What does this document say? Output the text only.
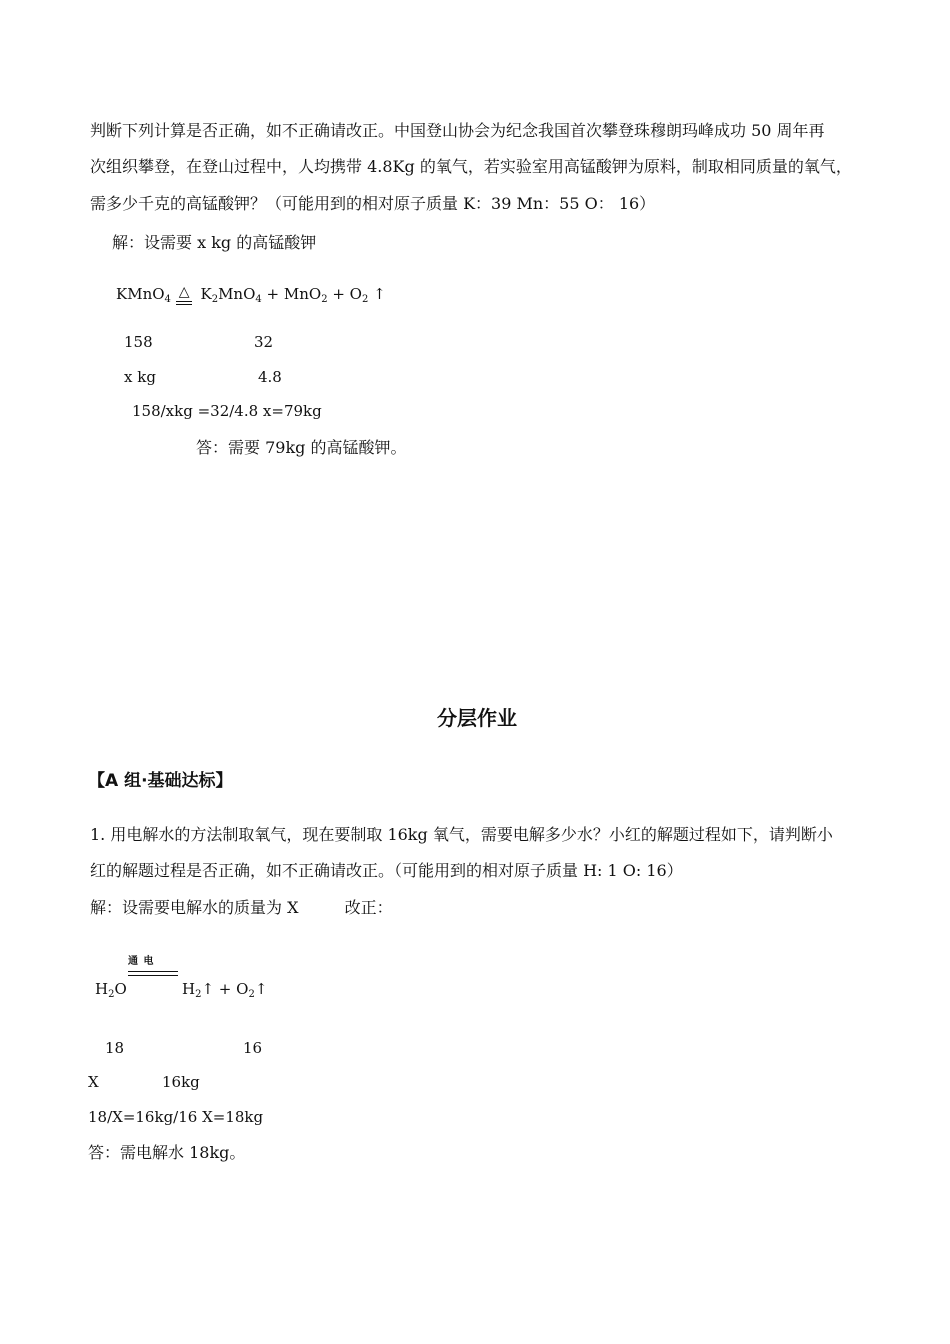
判断下列计算是否正确，如不正确请改正。中国登山协会为纪念我国首次攀登珠穆朗玛峰成功 50 周年再
次组织攀登，在登山过程中，人均携带 4.8Kg 的氧气，若实验室用高锰酸钾为原料，制取相同质量的氧气，
需多少千克的高锰酸钾？（可能用到的相对原子质量 K：39 Mn：55 O： 16）
解：设需要 x kg 的高锰酸钾
KMnO$_4$ △ $K_2MnO_4 + MnO_2 + O_2$ ↑
158	32
x kg	4.8
158/xkg =32/4.8 x=79kg
答：需要 79kg 的高锰酸钾。
分层作业
【A 组·基础达标】
1. 用电解水的方法制取氧气，现在要制取 16kg 氧气，需要电解多少水？小红的解题过程如下，请判断小
红的解题过程是否正确，如不正确请改正。（可能用到的相对原子质量 H: 1 O: 16）
解：设需要电解水的质量为 X	改正：
通 电
$H_2O$	$H_2↑$ + $O_2↑$
18	16
X	16kg
18/X=16kg/16 X=18kg
答：需电解水 18kg。
